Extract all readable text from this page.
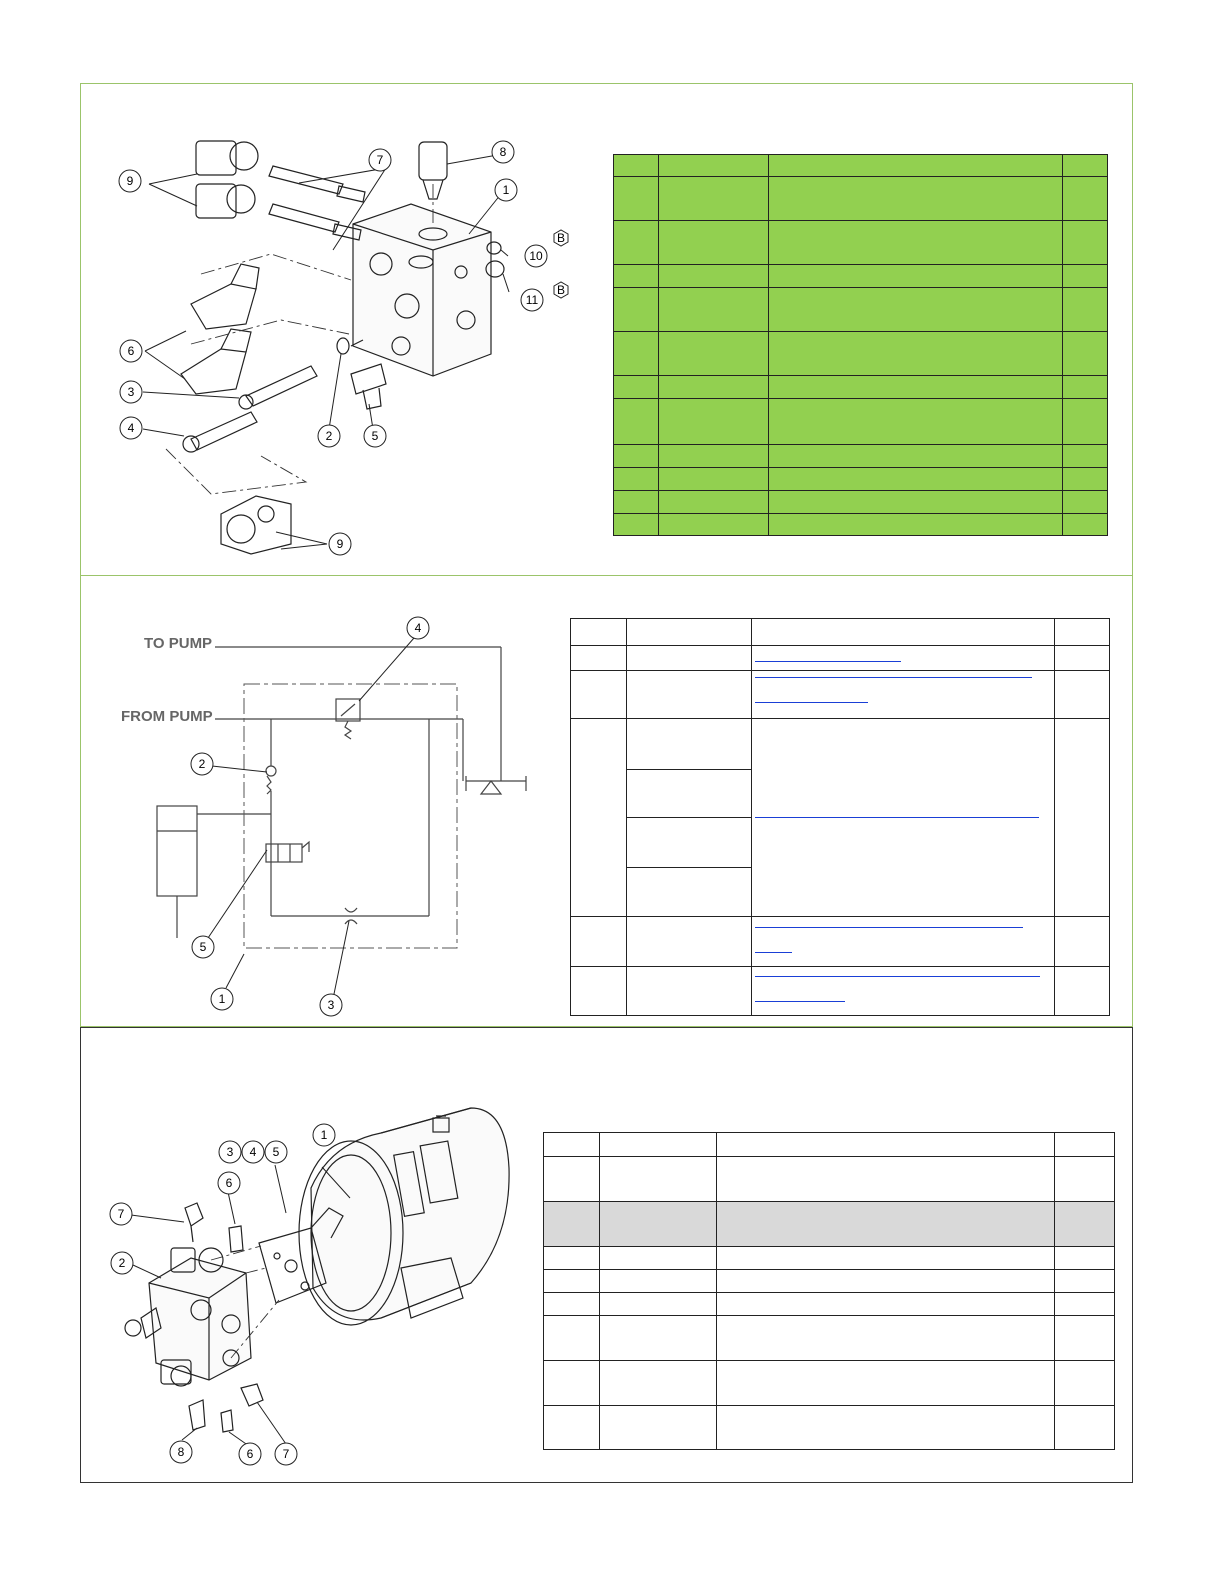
7
8
1
9
10
11
B
B
6
3
4
2	5
9

TO PUMP
FROM PUMP
4
2
5
1	3

1
3 4 5
6
7
2
8	6 7
